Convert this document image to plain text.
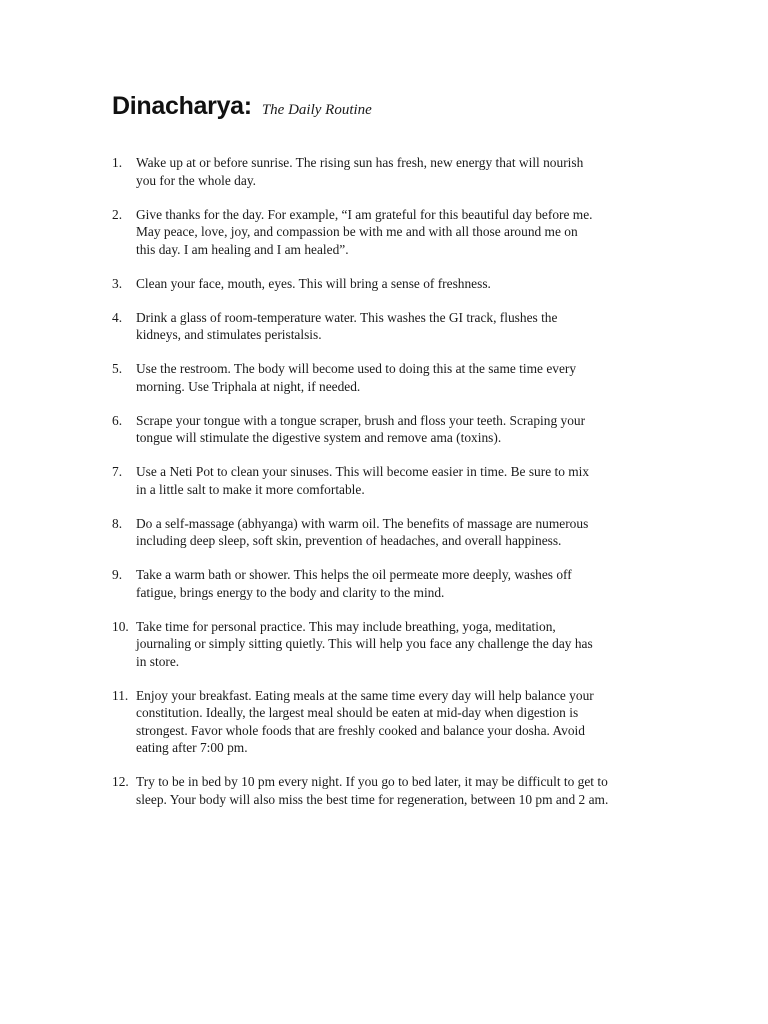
Dinacharya: The Daily Routine
1. Wake up at or before sunrise. The rising sun has fresh, new energy that will nourish
you for the whole day.
2. Give thanks for the day. For example, “I am grateful for this beautiful day before me.
May peace, love, joy, and compassion be with me and with all those around me on
this day. I am healing and I am healed”.
3. Clean your face, mouth, eyes. This will bring a sense of freshness.
4. Drink a glass of room-temperature water. This washes the GI track, flushes the
kidneys, and stimulates peristalsis.
5. Use the restroom. The body will become used to doing this at the same time every
morning. Use Triphala at night, if needed.
6. Scrape your tongue with a tongue scraper, brush and floss your teeth. Scraping your
tongue will stimulate the digestive system and remove ama (toxins).
7. Use a Neti Pot to clean your sinuses. This will become easier in time. Be sure to mix
in a little salt to make it more comfortable.
8. Do a self-massage (abhyanga) with warm oil. The benefits of massage are numerous
including deep sleep, soft skin, prevention of headaches, and overall happiness.
9. Take a warm bath or shower. This helps the oil permeate more deeply, washes off
fatigue, brings energy to the body and clarity to the mind.
10. Take time for personal practice. This may include breathing, yoga, meditation,
journaling or simply sitting quietly. This will help you face any challenge the day has
in store.
11. Enjoy your breakfast. Eating meals at the same time every day will help balance your
constitution. Ideally, the largest meal should be eaten at mid-day when digestion is
strongest. Favor whole foods that are freshly cooked and balance your dosha. Avoid
eating after 7:00 pm.
12. Try to be in bed by 10 pm every night. If you go to bed later, it may be difficult to get to
sleep. Your body will also miss the best time for regeneration, between 10 pm and 2 am.
